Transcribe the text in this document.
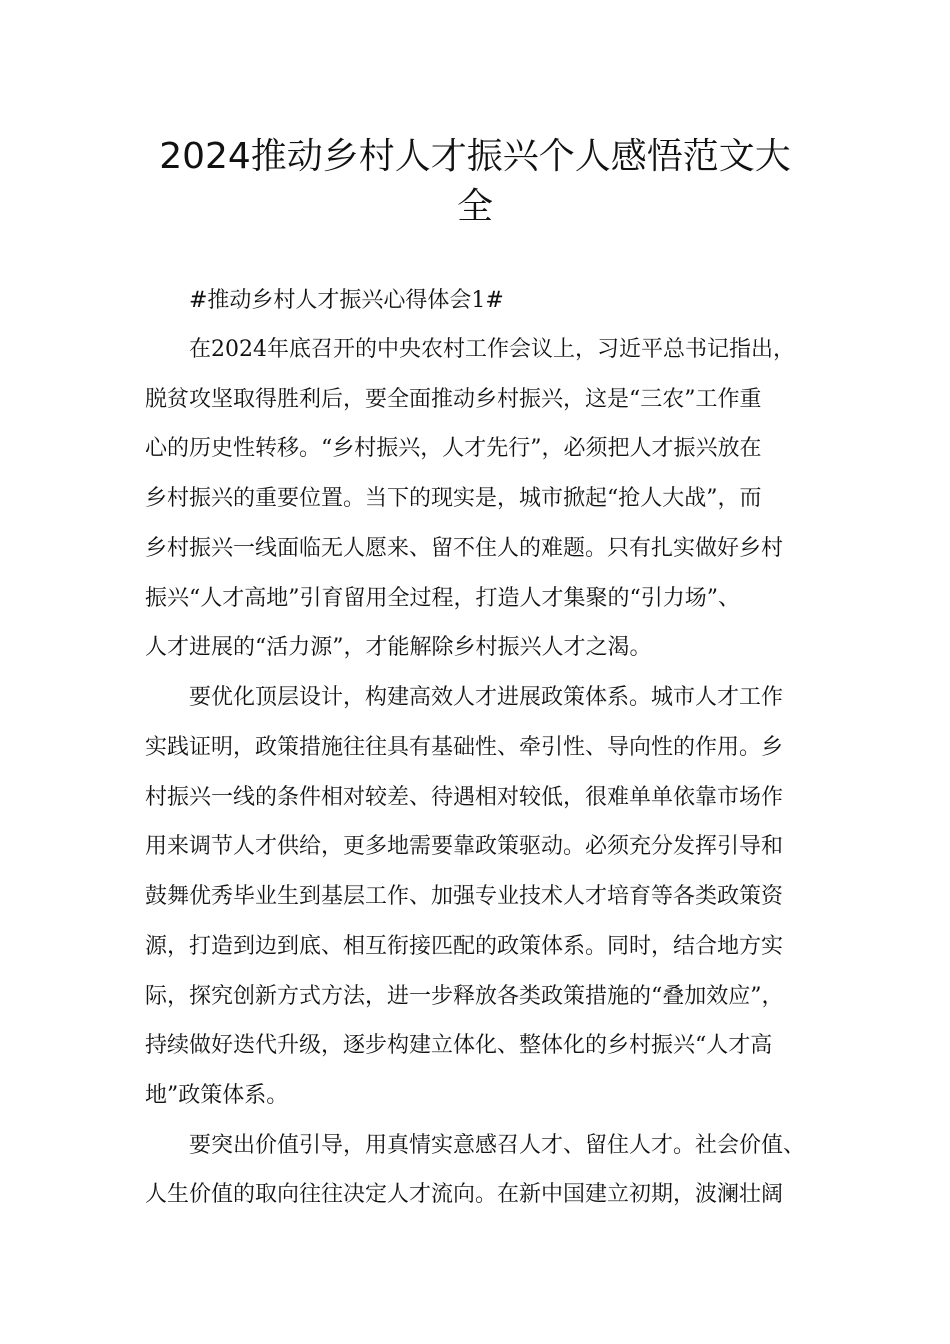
2024推动乡村人才振兴个人感悟范文大
全

#推动乡村人才振兴心得体会1#

在2024年底召开的中央农村工作会议上，习近平总书记指出，

脱贫攻坚取得胜利后，要全面推动乡村振兴，这是“三农”工作重

心的历史性转移。“乡村振兴，人才先行”，必须把人才振兴放在

乡村振兴的重要位置。当下的现实是，城市掀起“抢人大战”，而

乡村振兴一线面临无人愿来、留不住人的难题。只有扎实做好乡村

振兴“人才高地”引育留用全过程，打造人才集聚的“引力场”、

人才进展的“活力源”，才能解除乡村振兴人才之渴。

要优化顶层设计，构建高效人才进展政策体系。城市人才工作

实践证明，政策措施往往具有基础性、牵引性、导向性的作用。乡

村振兴一线的条件相对较差、待遇相对较低，很难单单依靠市场作

用来调节人才供给，更多地需要靠政策驱动。必须充分发挥引导和

鼓舞优秀毕业生到基层工作、加强专业技术人才培育等各类政策资

源，打造到边到底、相互衔接匹配的政策体系。同时，结合地方实

际，探究创新方式方法，进一步释放各类政策措施的“叠加效应”，

持续做好迭代升级，逐步构建立体化、整体化的乡村振兴“人才高

地”政策体系。

要突出价值引导，用真情实意感召人才、留住人才。社会价值、

人生价值的取向往往决定人才流向。在新中国建立初期，波澜壮阔
